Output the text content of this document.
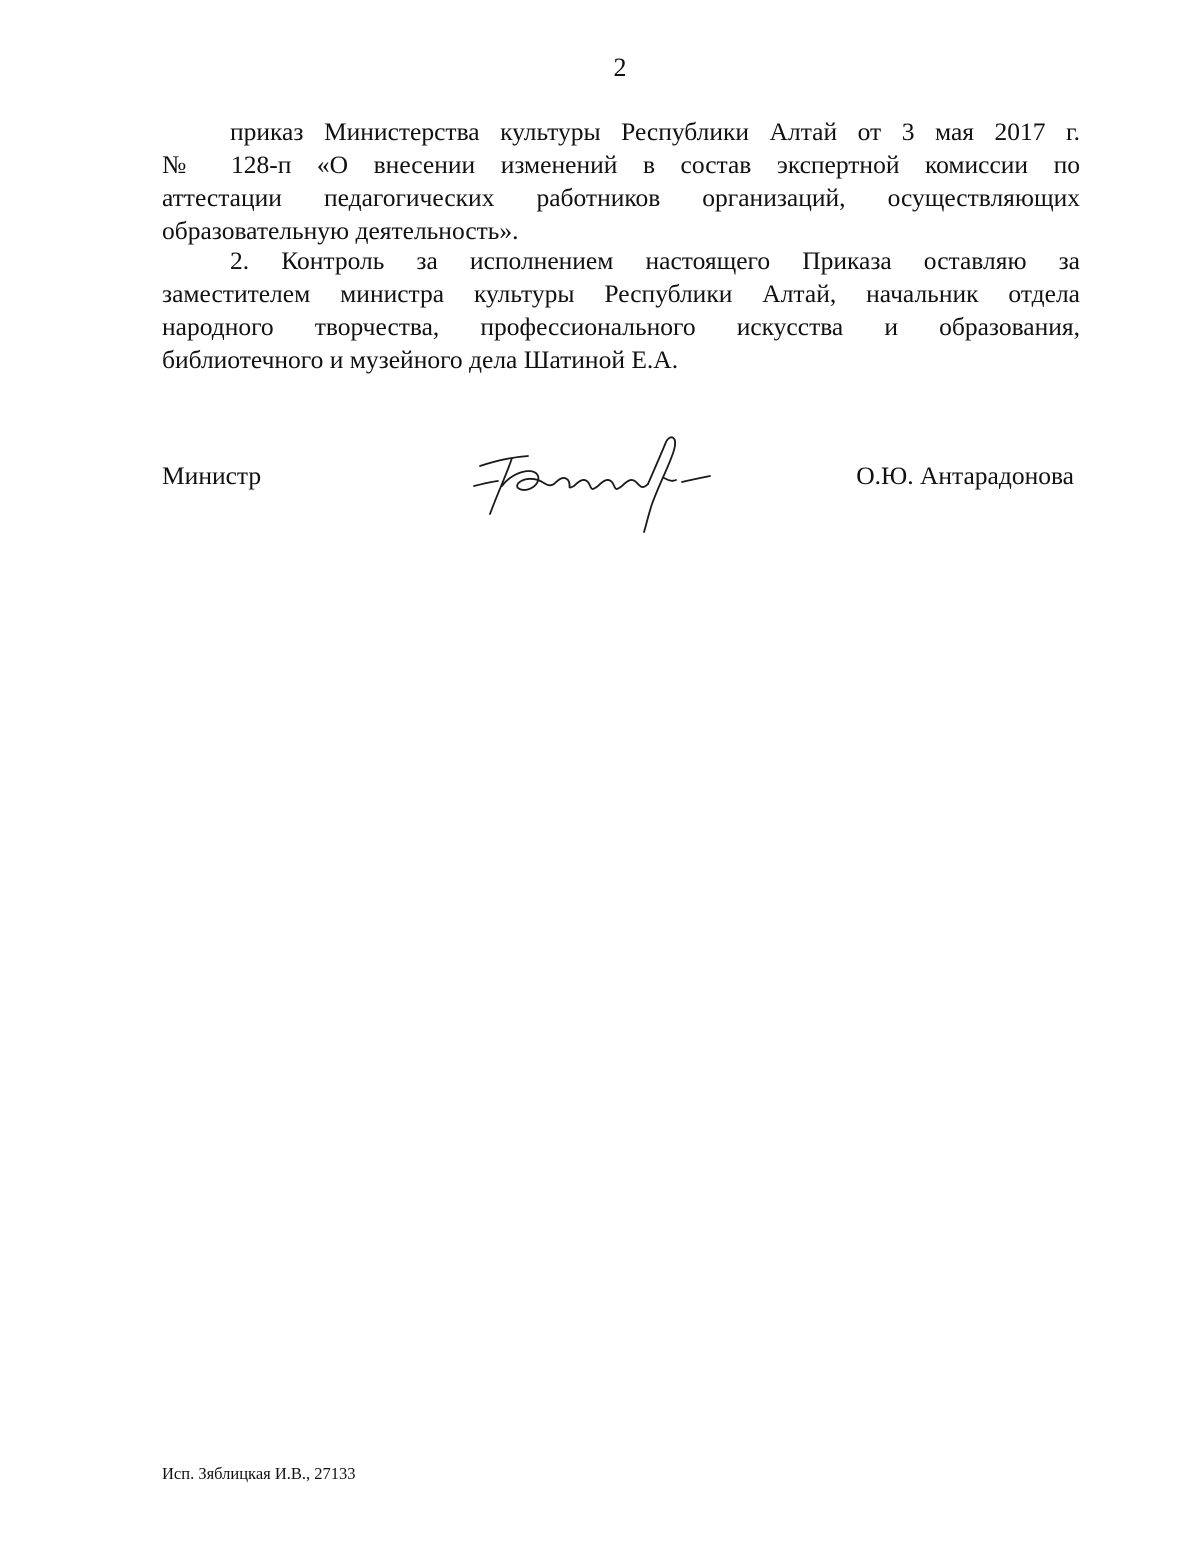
2
приказ Министерства культуры Республики Алтай от 3 мая 2017 г.
№ 128-п «О внесении изменений в состав экспертной комиссии по
аттестации педагогических работников организаций, осуществляющих
образовательную деятельность».
2. Контроль за исполнением настоящего Приказа оставляю за
заместителем министра культуры Республики Алтай, начальник отдела
народного творчества, профессионального искусства и образования,
библиотечного и музейного дела Шатиной Е.А.
Министр	О.Ю. Антарадонова
Исп. Зяблицкая И.В., 27133
